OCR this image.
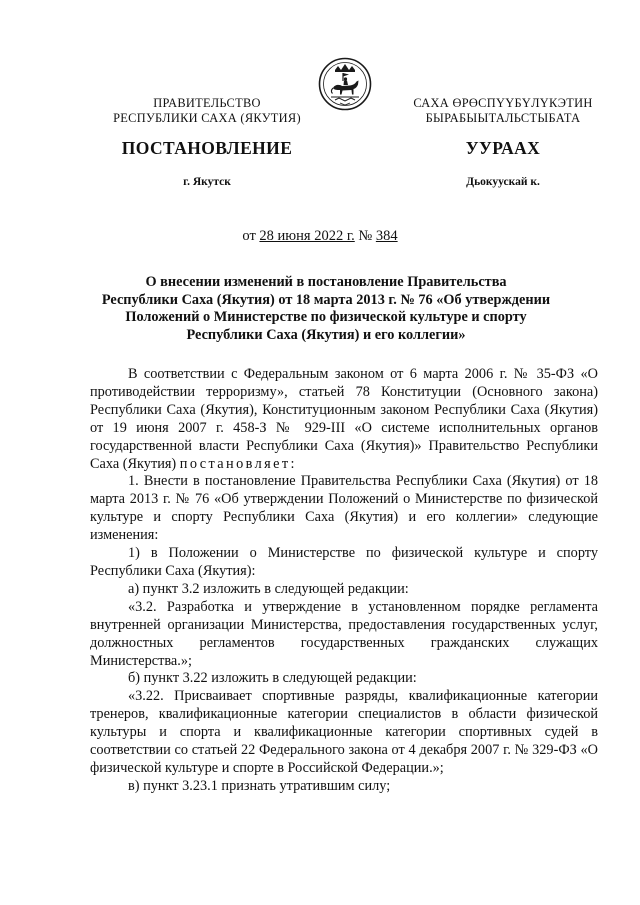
ПРАВИТЕЛЬСТВО
РЕСПУБЛИКИ САХА (ЯКУТИЯ)
САХА ӨРӨСПҮҮБҮЛҮКЭТИН
БЫРАБЫЫТАЛЬСТЫБАТА
ПОСТАНОВЛЕНИЕ	УУРААХ
г. Якутск	Дьокуускай к.
от 28 июня 2022 г. № 384
О внесении изменений в постановление Правительства
Республики Саха (Якутия) от 18 марта 2013 г. № 76 «Об утверждении
Положений о Министерстве по физической культуре и спорту
Республики Саха (Якутия) и его коллегии»

В соответствии с Федеральным законом от 6 марта 2006 г. № 35-ФЗ «О противодействии терроризму», статьей 78 Конституции (Основного закона) Республики Саха (Якутия), Конституционным законом Республики Саха (Якутия) от 19 июня 2007 г. 458-З № 929-III «О системе исполнительных органов государственной власти Республики Саха (Якутия)» Правительство Республики Саха (Якутия) постановляет:

1. Внести в постановление Правительства Республики Саха (Якутия) от 18 марта 2013 г. № 76 «Об утверждении Положений о Министерстве по физической культуре и спорту Республики Саха (Якутия) и его коллегии» следующие изменения:

1) в Положении о Министерстве по физической культуре и спорту Республики Саха (Якутия):

а) пункт 3.2 изложить в следующей редакции:

«3.2. Разработка и утверждение в установленном порядке регламента внутренней организации Министерства, предоставления государственных услуг, должностных регламентов государственных гражданских служащих Министерства.»;

б) пункт 3.22 изложить в следующей редакции:

«3.22. Присваивает спортивные разряды, квалификационные категории тренеров, квалификационные категории специалистов в области физической культуры и спорта и квалификационные категории спортивных судей в соответствии со статьей 22 Федерального закона от 4 декабря 2007 г. № 329-ФЗ «О физической культуре и спорте в Российской Федерации.»;

в) пункт 3.23.1 признать утратившим силу;
